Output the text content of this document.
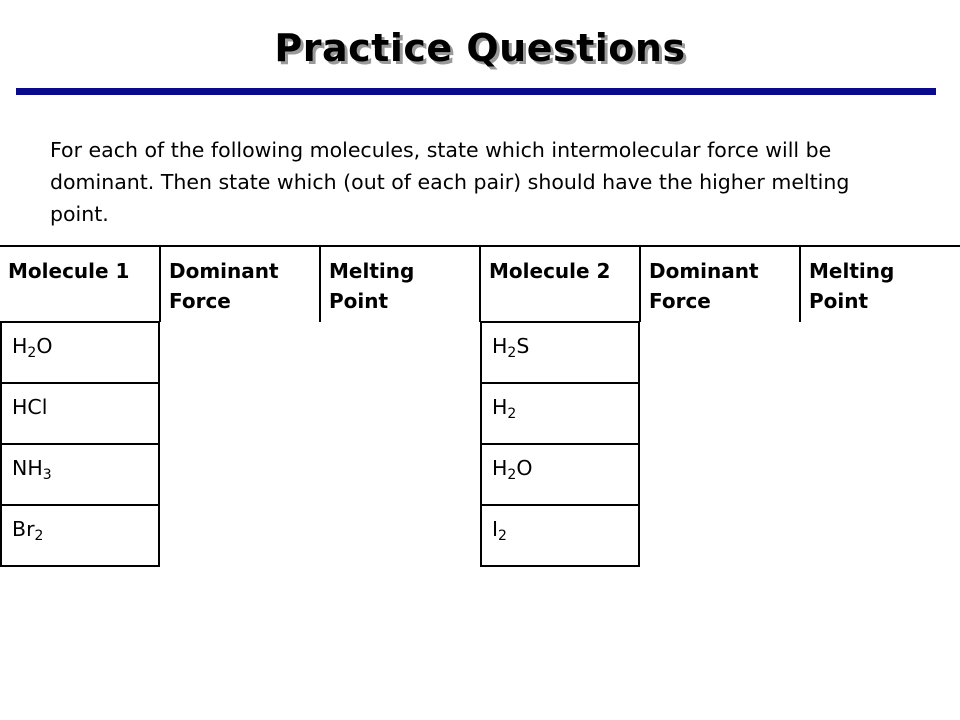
Practice Questions
For each of the following molecules, state which intermolecular force will be dominant. Then state which (out of each pair) should have the higher melting point.
Molecule 1	Dominant
Force
Melting
Point
Molecule 2	Dominant
Force
Melting
Point
$H_2O$
HCl
$NH_3$
$Br_2$
$H_2S$
$H_2$
$H_2O$
$I_2$
